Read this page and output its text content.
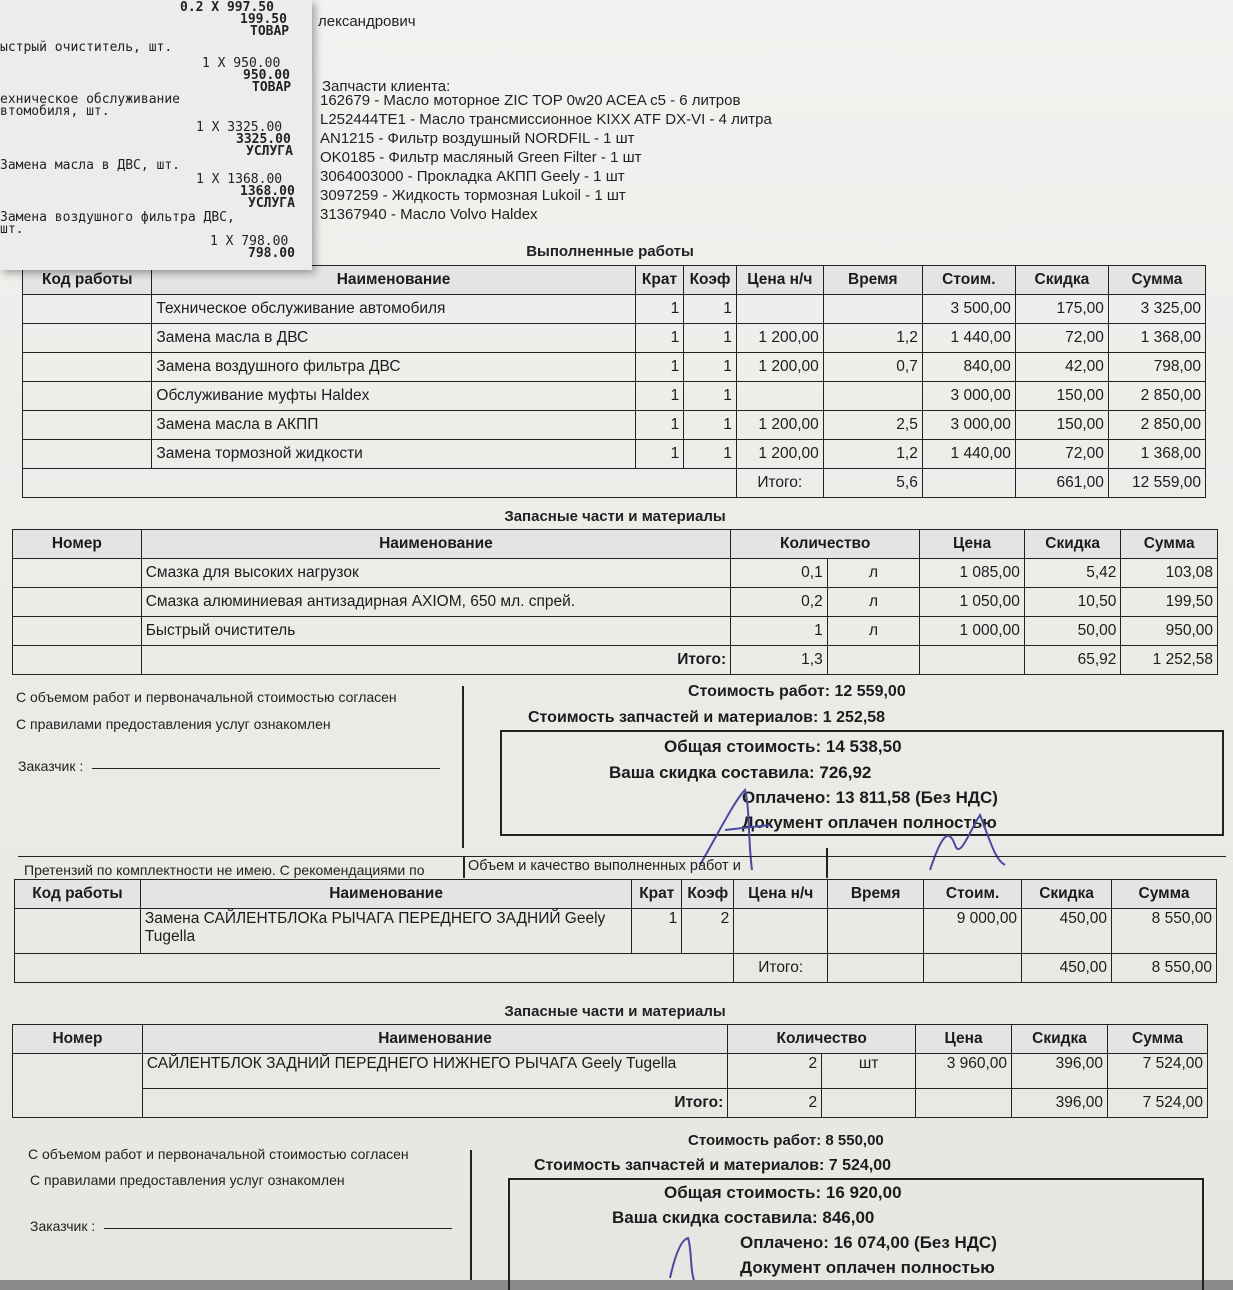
0.2 X 997.50
199.50
ТОВАР
ыстрый очиститель, шт.
1 X 950.00
950.00
ТОВАР
ехническое обслуживание
втомобиля, шт.
1 X 3325.00
3325.00
УСЛУГА
Замена масла в ДВС, шт.
1 X 1368.00
1368.00
УСЛУГА
Замена воздушного фильтра ДВС,
шт.
1 X 798.00
798.00
лександрович
Запчасти клиента:
162679 - Масло моторное ZIC TOP 0w20 ACEA c5 - 6 литров
L252444TE1 - Масло трансмиссионное KIXX ATF DX-VI - 4 литра
AN1215 - Фильтр воздушный NORDFIL - 1 шт
OK0185 - Фильтр масляный Green Filter - 1 шт
3064003000 - Прокладка АКПП Geely - 1 шт
3097259 - Жидкость тормозная Lukoil - 1 шт
31367940 - Масло Volvo Haldex
Выполненные работы
Код работы	Наименование	Крат	Коэф	Цена н/ч	Время	Стоим.	Скидка	Сумма
	Техническое обслуживание автомобиля	1	1			3 500,00	175,00	3 325,00
	Замена масла в ДВС	1	1	1 200,00	1,2	1 440,00	72,00	1 368,00
	Замена воздушного фильтра ДВС	1	1	1 200,00	0,7	840,00	42,00	798,00
	Обслуживание муфты Haldex	1	1			3 000,00	150,00	2 850,00
	Замена масла в АКПП	1	1	1 200,00	2,5	3 000,00	150,00	2 850,00
	Замена тормозной жидкости	1	1	1 200,00	1,2	1 440,00	72,00	1 368,00
				Итого:	5,6		661,00	12 559,00
Запасные части и материалы
Номер	Наименование	Количество		Цена	Скидка	Сумма
	Смазка для высоких нагрузок	0,1	л	1 085,00	5,42	103,08
	Смазка алюминиевая антизадирная AXIOM, 650 мл. спрей.	0,2	л	1 050,00	10,50	199,50
	Быстрый очиститель	1	л	1 000,00	50,00	950,00
	Итого:	1,3			65,92	1 252,58
С объемом работ и первоначальной стоимостью согласен
С правилами предоставления услуг ознакомлен
Заказчик :
Стоимость работ: 12 559,00
Стоимость запчастей и материалов: 1 252,58
Общая стоимость: 14 538,50
Ваша скидка составила: 726,92
Оплачено: 13 811,58 (Без НДС)
Документ оплачен полностью
Претензий по комплектности не имею. С рекомендациями по	Объем и качество выполненных работ и
Код работы	Наименование	Крат	Коэф	Цена н/ч	Время	Стоим.	Скидка	Сумма
	Замена САЙЛЕНТБЛОКа РЫЧАГА ПЕРЕДНЕГО ЗАДНИЙ Geely Tugella	1	2			9 000,00	450,00	8 550,00
				Итого:			450,00	8 550,00
Запасные части и материалы
Номер	Наименование	Количество		Цена	Скидка	Сумма
	САЙЛЕНТБЛОК ЗАДНИЙ ПЕРЕДНЕГО НИЖНЕГО РЫЧАГА Geely Tugella	2	шт	3 960,00	396,00	7 524,00
	Итого:	2			396,00	7 524,00
С объемом работ и первоначальной стоимостью согласен
С правилами предоставления услуг ознакомлен
Заказчик :
Стоимость работ: 8 550,00
Стоимость запчастей и материалов: 7 524,00
Общая стоимость: 16 920,00
Ваша скидка составила: 846,00
Оплачено: 16 074,00 (Без НДС)
Документ оплачен полностью
